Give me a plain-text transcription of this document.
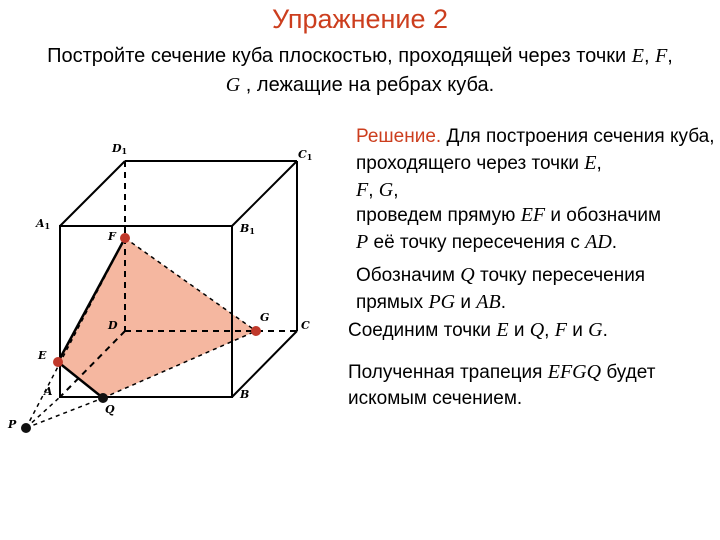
Упражнение 2
Постройте сечение куба плоскостью, проходящей через точки E, F,
G , лежащие на ребрах куба.
Решение. Для построения сечения куба, проходящего через точки E,
F, G,
проведем прямую EF и обозначим
P её точку пересечения с AD.
Обозначим Q точку пересечения прямых PG и AB.
Соединим точки E и Q, F и G.
Полученная трапеция EFGQ будет искомым сечением.
D1	C1
A1	B1
F
G
D	C
E
A	B
Q
P
